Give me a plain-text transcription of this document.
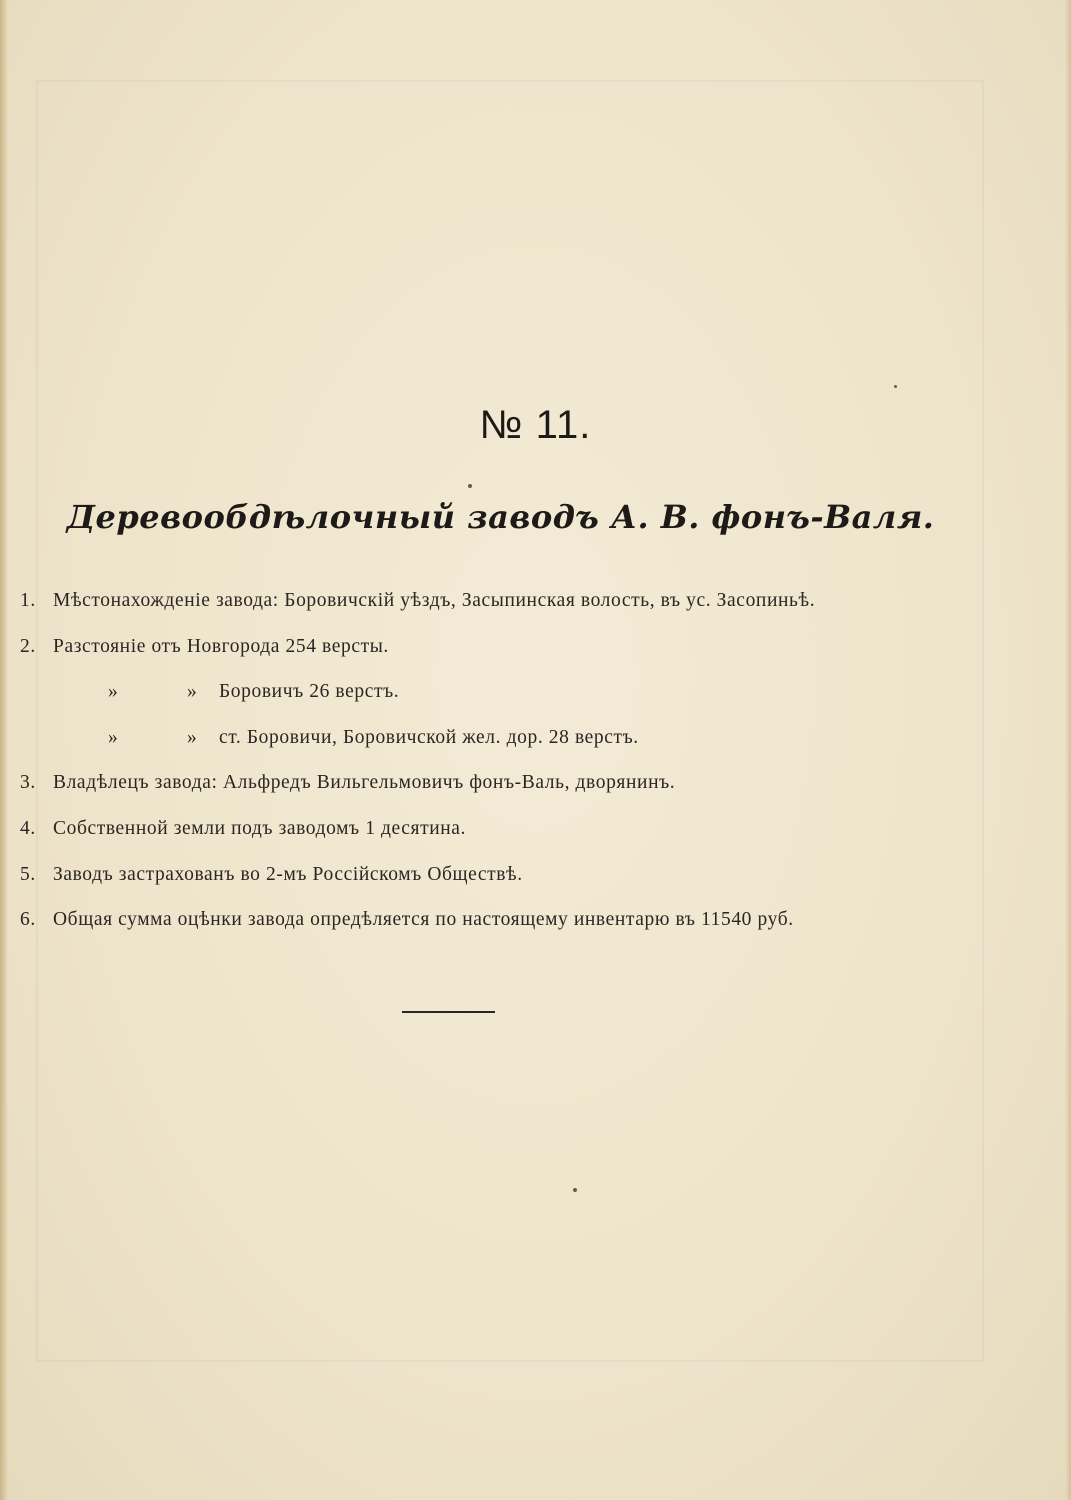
№ 11.
Деревообдѣлочный заводъ А. В. фонъ-Валя.
1. Мѣстонахожденіе завода: Боровичскій уѣздъ, Засыпинская волость, въ ус. Засопиньѣ.
2. Разстояніе отъ Новгорода 254 версты.
»	» Боровичъ 26 верстъ.
»	» ст. Боровичи, Боровичской жел. дор. 28 верстъ.
3. Владѣлецъ завода: Альфредъ Вильгельмовичъ фонъ-Валь, дворянинъ.
4. Собственной земли подъ заводомъ 1 десятина.
5. Заводъ застрахованъ во 2-мъ Россійскомъ Обществѣ.
6. Общая сумма оцѣнки завода опредѣляется по настоящему инвентарю въ 11540 руб.
